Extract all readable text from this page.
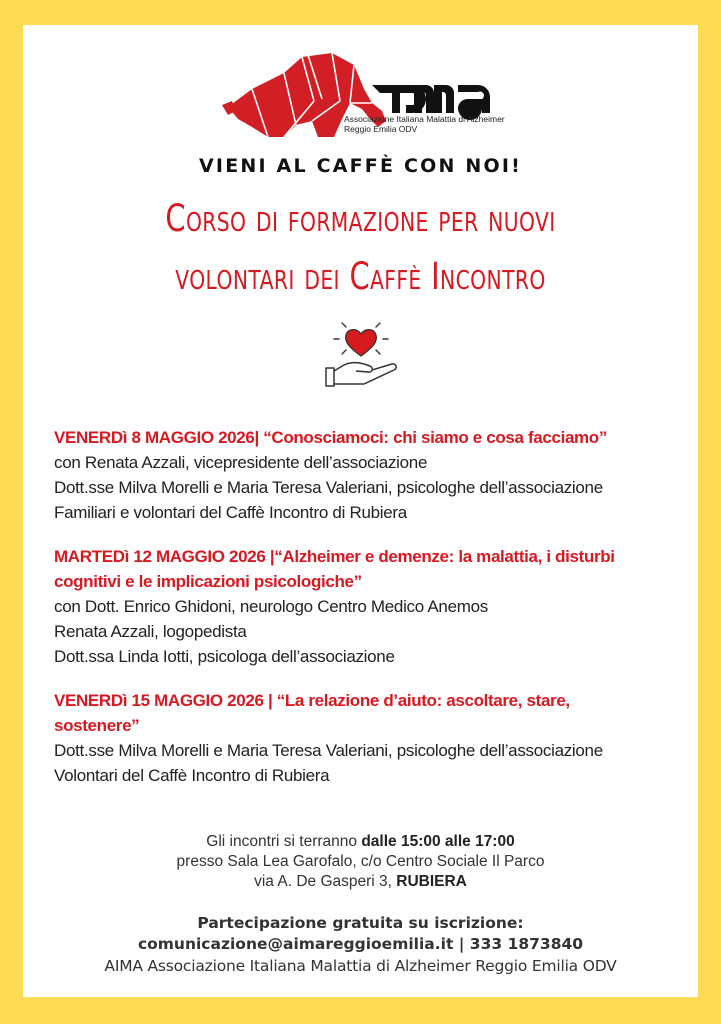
Associazione Italiana Malattia di Alzheimer
Reggio Emilia ODV
VIENI AL CAFFÈ CON NOI!
Corso di formazione per nuovi
volontari dei Caffè Incontro
VENERDì 8 MAGGIO 2026| “Conosciamoci: chi siamo e cosa facciamo”
con Renata Azzali, vicepresidente dell’associazione
Dott.sse Milva Morelli e Maria Teresa Valeriani, psicologhe dell’associazione
Familiari e volontari del Caffè Incontro di Rubiera
MARTEDì 12 MAGGIO 2026 |“Alzheimer e demenze: la malattia, i disturbi cognitivi e le implicazioni psicologiche”
con Dott. Enrico Ghidoni, neurologo Centro Medico Anemos
Renata Azzali, logopedista
Dott.ssa Linda Iotti, psicologa dell’associazione
VENERDì 15 MAGGIO 2026 | “La relazione d’aiuto: ascoltare, stare, sostenere”
Dott.sse Milva Morelli e Maria Teresa Valeriani, psicologhe dell’associazione
Volontari del Caffè Incontro di Rubiera
Gli incontri si terranno dalle 15:00 alle 17:00
presso Sala Lea Garofalo, c/o Centro Sociale Il Parco
via A. De Gasperi 3, RUBIERA
Partecipazione gratuita su iscrizione:
comunicazione@aimareggioemilia.it | 333 1873840
AIMA Associazione Italiana Malattia di Alzheimer Reggio Emilia ODV
